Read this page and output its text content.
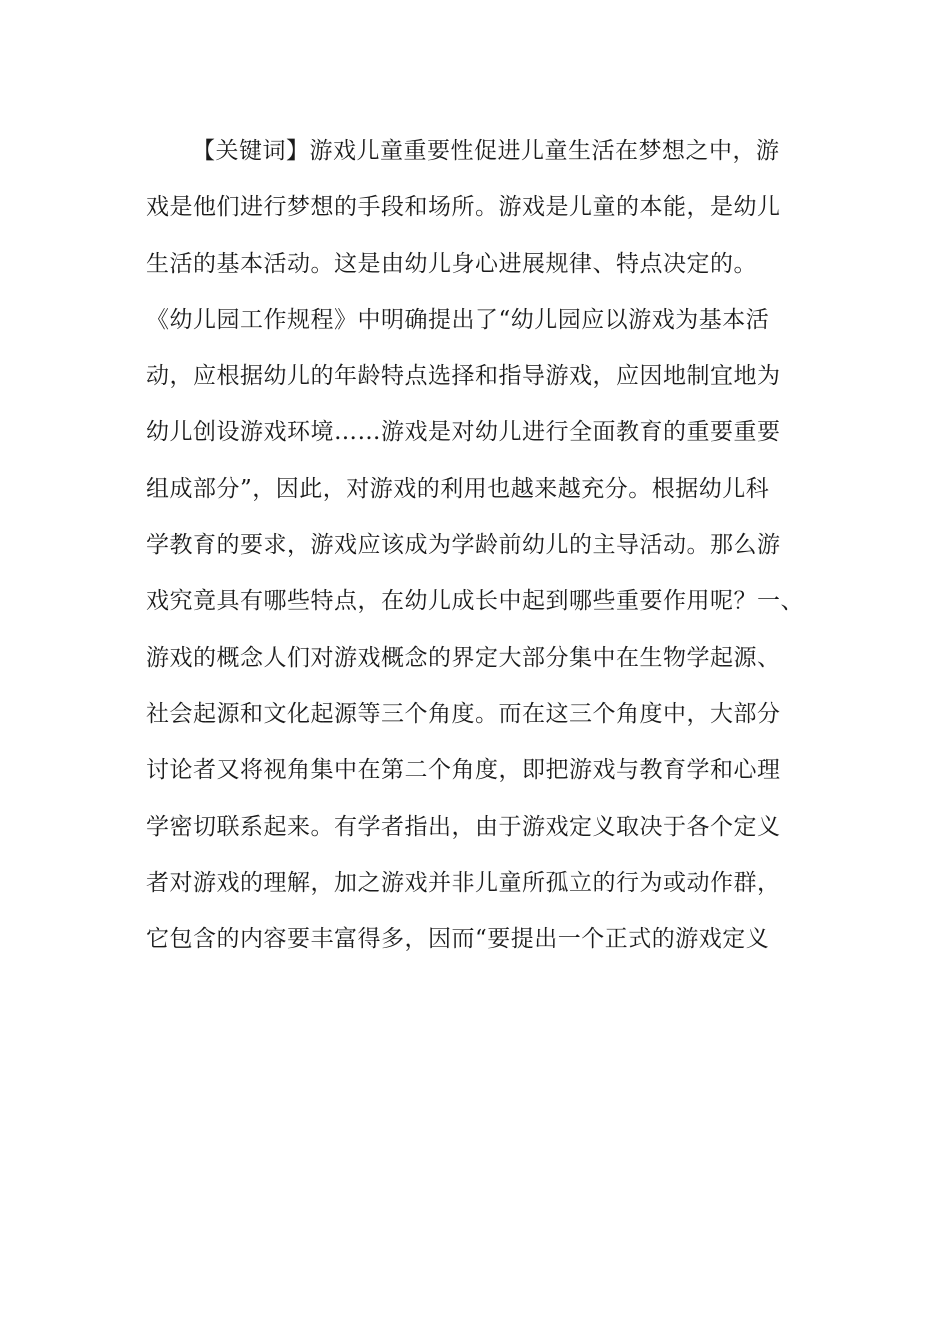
【关键词】游戏儿童重要性促进儿童生活在梦想之中，游
戏是他们进行梦想的手段和场所。游戏是儿童的本能，是幼儿
生活的基本活动。这是由幼儿身心进展规律、特点决定的。
《幼儿园工作规程》中明确提出了“幼儿园应以游戏为基本活
动，应根据幼儿的年龄特点选择和指导游戏，应因地制宜地为
幼儿创设游戏环境……游戏是对幼儿进行全面教育的重要重要
组成部分”，因此，对游戏的利用也越来越充分。根据幼儿科
学教育的要求，游戏应该成为学龄前幼儿的主导活动。那么游
戏究竟具有哪些特点，在幼儿成长中起到哪些重要作用呢？一、
游戏的概念人们对游戏概念的界定大部分集中在生物学起源、
社会起源和文化起源等三个角度。而在这三个角度中，大部分
讨论者又将视角集中在第二个角度，即把游戏与教育学和心理
学密切联系起来。有学者指出，由于游戏定义取决于各个定义
者对游戏的理解，加之游戏并非儿童所孤立的行为或动作群，
它包含的内容要丰富得多，因而“要提出一个正式的游戏定义
